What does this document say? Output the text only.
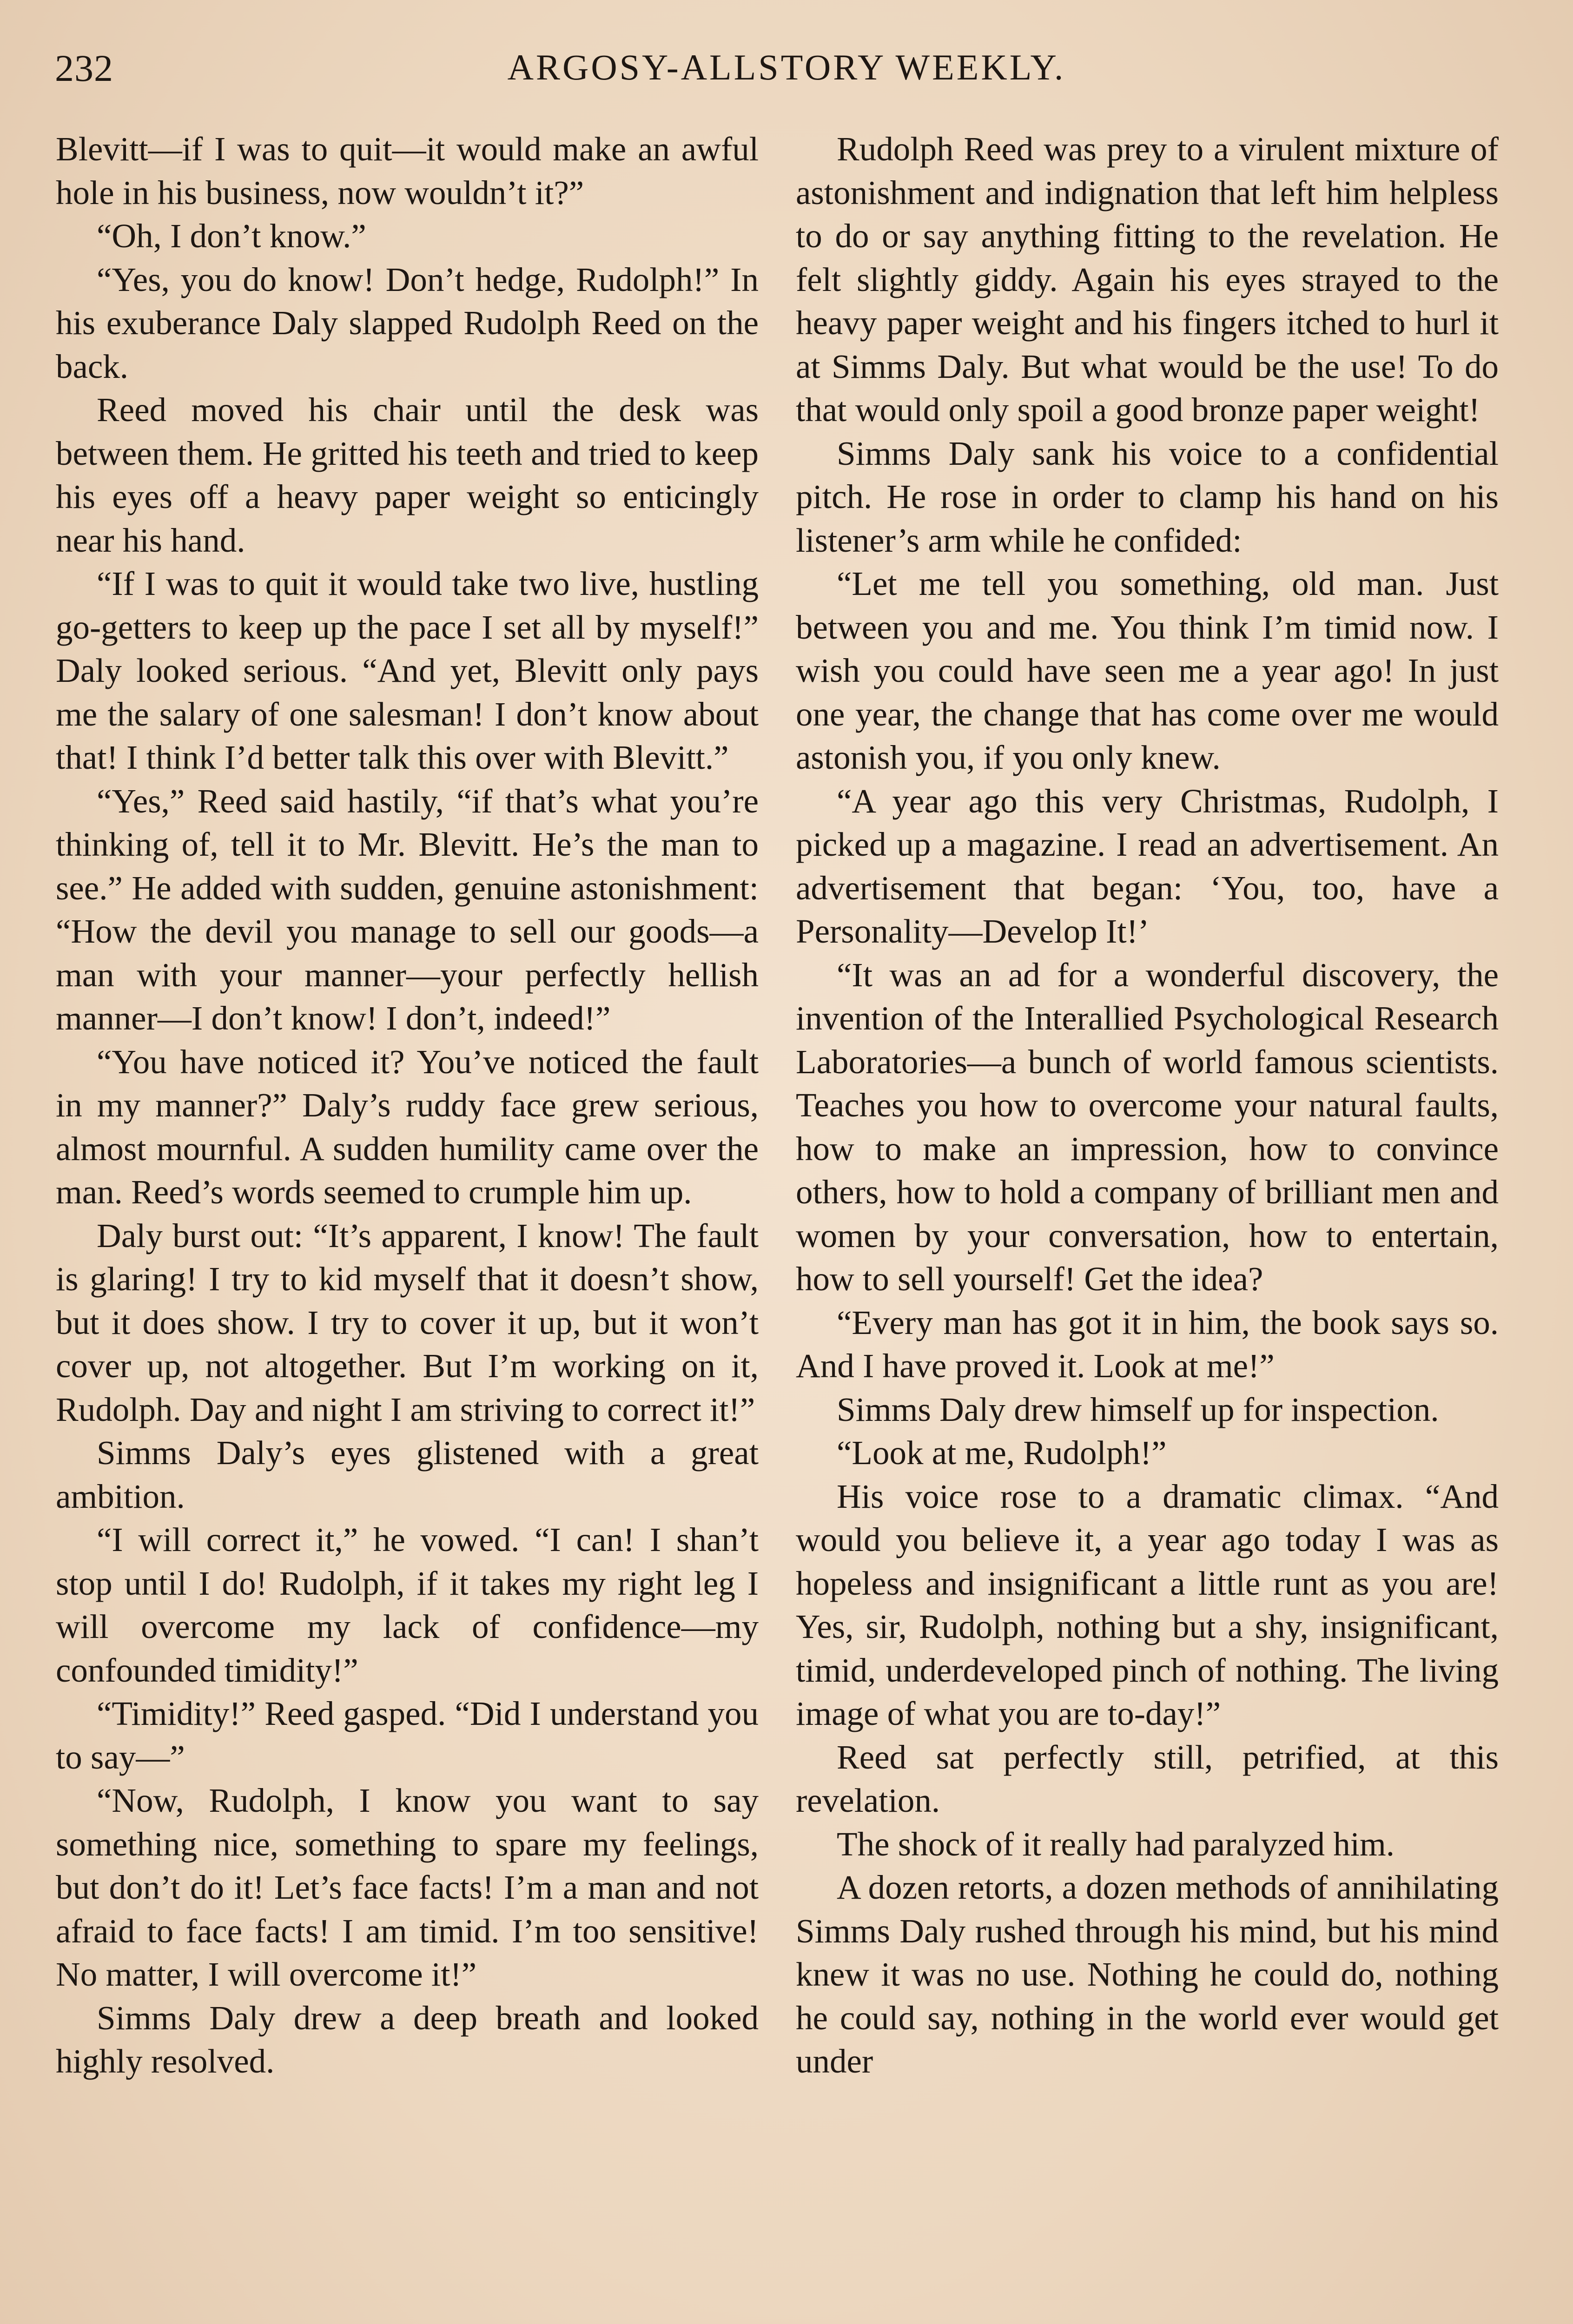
232	ARGOSY-ALLSTORY WEEKLY.

Blevitt—if I was to quit—it would make an awful hole in his business, now wouldn’t it?”

“Oh, I don’t know.”

“Yes, you do know! Don’t hedge, Rudolph!” In his exuberance Daly slapped Rudolph Reed on the back.

Reed moved his chair until the desk was between them. He gritted his teeth and tried to keep his eyes off a heavy paper weight so enticingly near his hand.

“If I was to quit it would take two live, hustling go-getters to keep up the pace I set all by myself!” Daly looked serious. “And yet, Blevitt only pays me the salary of one salesman! I don’t know about that! I think I’d better talk this over with Blevitt.”

“Yes,” Reed said hastily, “if that’s what you’re thinking of, tell it to Mr. Blevitt. He’s the man to see.” He added with sudden, genuine astonishment: “How the devil you manage to sell our goods—a man with your manner—your perfectly hellish manner—I don’t know! I don’t, indeed!”

“You have noticed it? You’ve noticed the fault in my manner?” Daly’s ruddy face grew serious, almost mournful. A sudden humility came over the man. Reed’s words seemed to crumple him up.

Daly burst out: “It’s apparent, I know! The fault is glaring! I try to kid myself that it doesn’t show, but it does show. I try to cover it up, but it won’t cover up, not altogether. But I’m working on it, Rudolph. Day and night I am striving to correct it!”

Simms Daly’s eyes glistened with a great ambition.

“I will correct it,” he vowed. “I can! I shan’t stop until I do! Rudolph, if it takes my right leg I will overcome my lack of confidence—my confounded timidity!”

“Timidity!” Reed gasped. “Did I understand you to say—”

“Now, Rudolph, I know you want to say something nice, something to spare my feelings, but don’t do it! Let’s face facts! I’m a man and not afraid to face facts! I am timid. I’m too sensitive! No matter, I will overcome it!”

Simms Daly drew a deep breath and looked highly resolved.

Rudolph Reed was prey to a virulent mixture of astonishment and indignation that left him helpless to do or say anything fitting to the revelation. He felt slightly giddy. Again his eyes strayed to the heavy paper weight and his fingers itched to hurl it at Simms Daly. But what would be the use! To do that would only spoil a good bronze paper weight!

Simms Daly sank his voice to a confidential pitch. He rose in order to clamp his hand on his listener’s arm while he confided:

“Let me tell you something, old man. Just between you and me. You think I’m timid now. I wish you could have seen me a year ago! In just one year, the change that has come over me would astonish you, if you only knew.

“A year ago this very Christmas, Rudolph, I picked up a magazine. I read an advertisement. An advertisement that began: ‘You, too, have a Personality—Develop It!’

“It was an ad for a wonderful discovery, the invention of the Interallied Psychological Research Laboratories—a bunch of world famous scientists. Teaches you how to overcome your natural faults, how to make an impression, how to convince others, how to hold a company of brilliant men and women by your conversation, how to entertain, how to sell yourself! Get the idea?

“Every man has got it in him, the book says so. And I have proved it. Look at me!”

Simms Daly drew himself up for inspection.

“Look at me, Rudolph!”

His voice rose to a dramatic climax. “And would you believe it, a year ago today I was as hopeless and insignificant a little runt as you are! Yes, sir, Rudolph, nothing but a shy, insignificant, timid, underdeveloped pinch of nothing. The living image of what you are to-day!”

Reed sat perfectly still, petrified, at this revelation.

The shock of it really had paralyzed him.

A dozen retorts, a dozen methods of annihilating Simms Daly rushed through his mind, but his mind knew it was no use. Nothing he could do, nothing he could say, nothing in the world ever would get under
